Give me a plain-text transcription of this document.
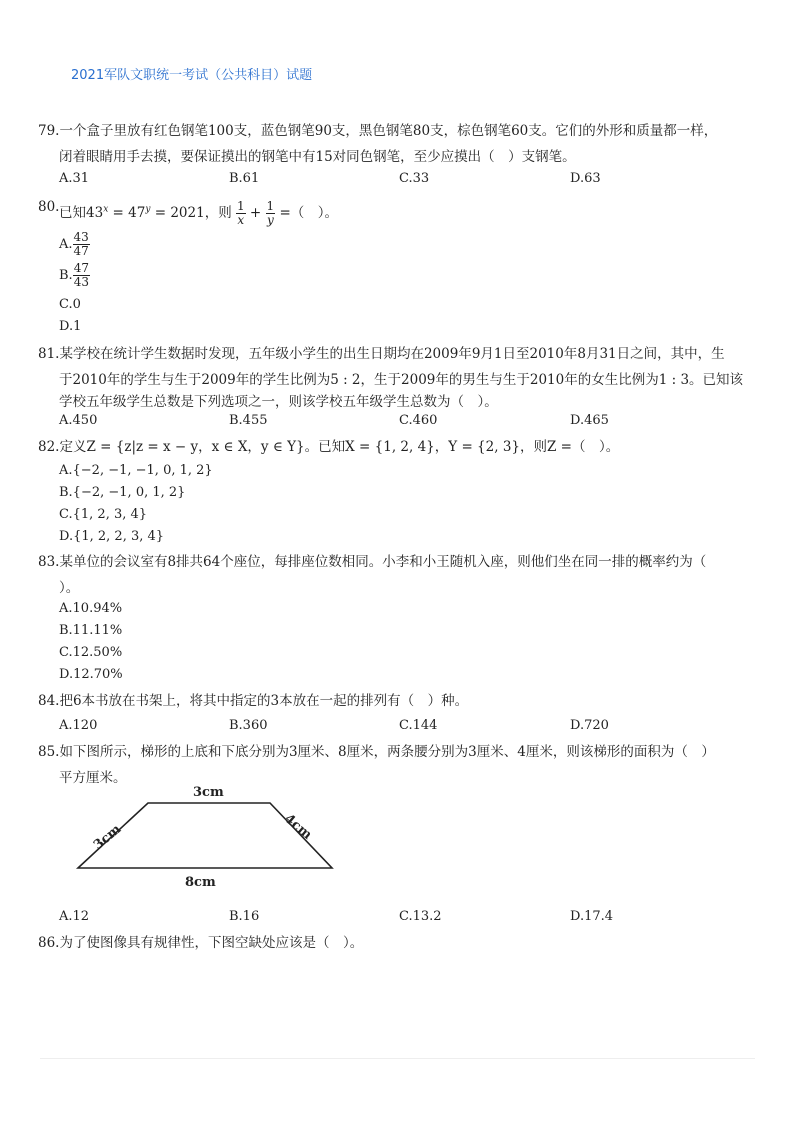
2021军队文职统一考试（公共科目）试题
79.一个盒子里放有红色钢笔100支，蓝色钢笔90支，黑色钢笔80支，棕色钢笔60支。它们的外形和质量都一样，
闭着眼睛用手去摸，要保证摸出的钢笔中有15对同色钢笔，至少应摸出（　）支钢笔。
A.31	B.61	C.33	D.63
80. 已知$43^x = 47^y = 2021$，则 $\frac{1}{x} + \frac{1}{y}$ =（　）。
A. $\frac{43}{47}$
B. $\frac{47}{43}$
C.0
D.1
81.某学校在统计学生数据时发现，五年级小学生的出生日期均在2009年9月1日至2010年8月31日之间，其中，生
于2010年的学生与生于2009年的学生比例为5 : 2，生于2009年的男生与生于2010年的女生比例为1 : 3。已知该
学校五年级学生总数是下列选项之一，则该学校五年级学生总数为（　）。
A.450	B.455	C.460	D.465
82.定义Z = {z|z = x − y，x ∈ X，y ∈ Y}。已知X = {1, 2, 4}，Y = {2, 3}，则Z =（　）。
A.{−2, −1, −1, 0, 1, 2}
B.{−2, −1, 0, 1, 2}
C.{1, 2, 3, 4}
D.{1, 2, 2, 3, 4}
83.某单位的会议室有8排共64个座位，每排座位数相同。小李和小王随机入座，则他们坐在同一排的概率约为（
）。
A.10.94%
B.11.11%
C.12.50%
D.12.70%
84.把6本书放在书架上，将其中指定的3本放在一起的排列有（　）种。
A.120	B.360	C.144	D.720
85.如下图所示，梯形的上底和下底分别为3厘米、8厘米，两条腰分别为3厘米、4厘米，则该梯形的面积为（　）
平方厘米。
3cm
8cm
3cm	4cm
A.12	B.16	C.13.2	D.17.4
86.为了使图像具有规律性，下图空缺处应该是（　）。
